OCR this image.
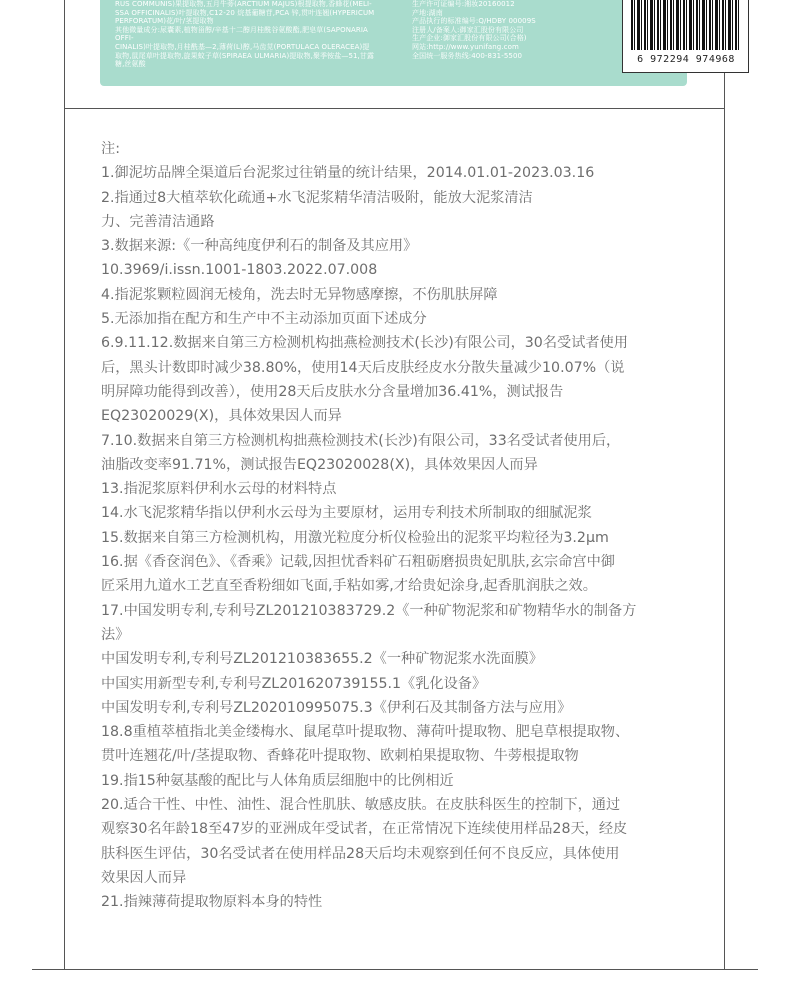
RUS COMMUNIS)果提取物,五月牛蒡(ARCTIUM MAJUS)根提取物,香蜂花(MELI-
SSA OFFICINALIS)叶提取物,C12-20 烷基葡糖苷,PCA 锌,贯叶连翘(HYPERICUM
PERFORATUM)花/叶/茎提取物
其他微量成分:尿囊素,植物甾醇/辛基十二醇月桂酰谷氨酸酯,肥皂草(SAPONARIA OFFI-
CINALIS)叶提取物,月桂酰基—2,薄荷(L)醇,马齿苋(PORTULACA OLERACEA)提
取物,鼠尾草叶提取物,旋果蚊子草(SPIRAEA ULMARIA)提取物,聚季铵盐—51,甘露糖,丝氨酸
生产许可证编号:湘妆20160012
产地:湖南
产品执行的标准编号:Q/HDBY 00009S
注册人/备案人:御家汇股份有限公司
生产企业:御家汇股份有限公司(合格)
网站:http://www.yunifang.com
全国统一服务热线:400-831-5500	6 972294 974968
注:
1.御泥坊品牌全渠道后台泥浆过往销量的统计结果，2014.01.01-2023.03.16
2.指通过8大植萃软化疏通+水飞泥浆精华清洁吸附，能放大泥浆清洁
力、完善清洁通路
3.数据来源:《一种高纯度伊利石的制备及其应用》
10.3969/i.issn.1001-1803.2022.07.008
4.指泥浆颗粒圆润无棱角，洗去时无异物感摩擦，不伤肌肤屏障
5.无添加指在配方和生产中不主动添加页面下述成分
6.9.11.12.数据来自第三方检测机构拙燕检测技术(长沙)有限公司，30名受试者使用
后，黑头计数即时减少38.80%，使用14天后皮肤经皮水分散失量减少10.07%（说
明屏障功能得到改善），使用28天后皮肤水分含量增加36.41%，测试报告
EQ23020029(X)，具体效果因人而异
7.10.数据来自第三方检测机构拙燕检测技术(长沙)有限公司，33名受试者使用后，
油脂改变率91.71%，测试报告EQ23020028(X)，具体效果因人而异
13.指泥浆原料伊利水云母的材料特点
14.水飞泥浆精华指以伊利水云母为主要原材，运用专利技术所制取的细腻泥浆
15.数据来自第三方检测机构，用激光粒度分析仪检验出的泥浆平均粒径为3.2μm
16.据《香奁润色》、《香乘》记载,因担忧香料矿石粗砺磨损贵妃肌肤,玄宗命宫中御
匠采用九道水工艺直至香粉细如飞面,手粘如雾,才给贵妃涂身,起香肌润肤之效。
17.中国发明专利,专利号ZL201210383729.2《一种矿物泥浆和矿物精华水的制备方
法》
中国发明专利,专利号ZL201210383655.2《一种矿物泥浆水洗面膜》
中国实用新型专利,专利号ZL201620739155.1《乳化设备》
中国发明专利,专利号ZL202010995075.3《伊利石及其制备方法与应用》
18.8重植萃植指北美金缕梅水、鼠尾草叶提取物、薄荷叶提取物、肥皂草根提取物、
贯叶连翘花/叶/茎提取物、香蜂花叶提取物、欧刺柏果提取物、牛蒡根提取物
19.指15种氨基酸的配比与人体角质层细胞中的比例相近
20.适合干性、中性、油性、混合性肌肤、敏感皮肤。在皮肤科医生的控制下，通过
观察30名年龄18至47岁的亚洲成年受试者，在正常情况下连续使用样品28天，经皮
肤科医生评估，30名受试者在使用样品28天后均未观察到任何不良反应，具体使用
效果因人而异
21.指辣薄荷提取物原料本身的特性
